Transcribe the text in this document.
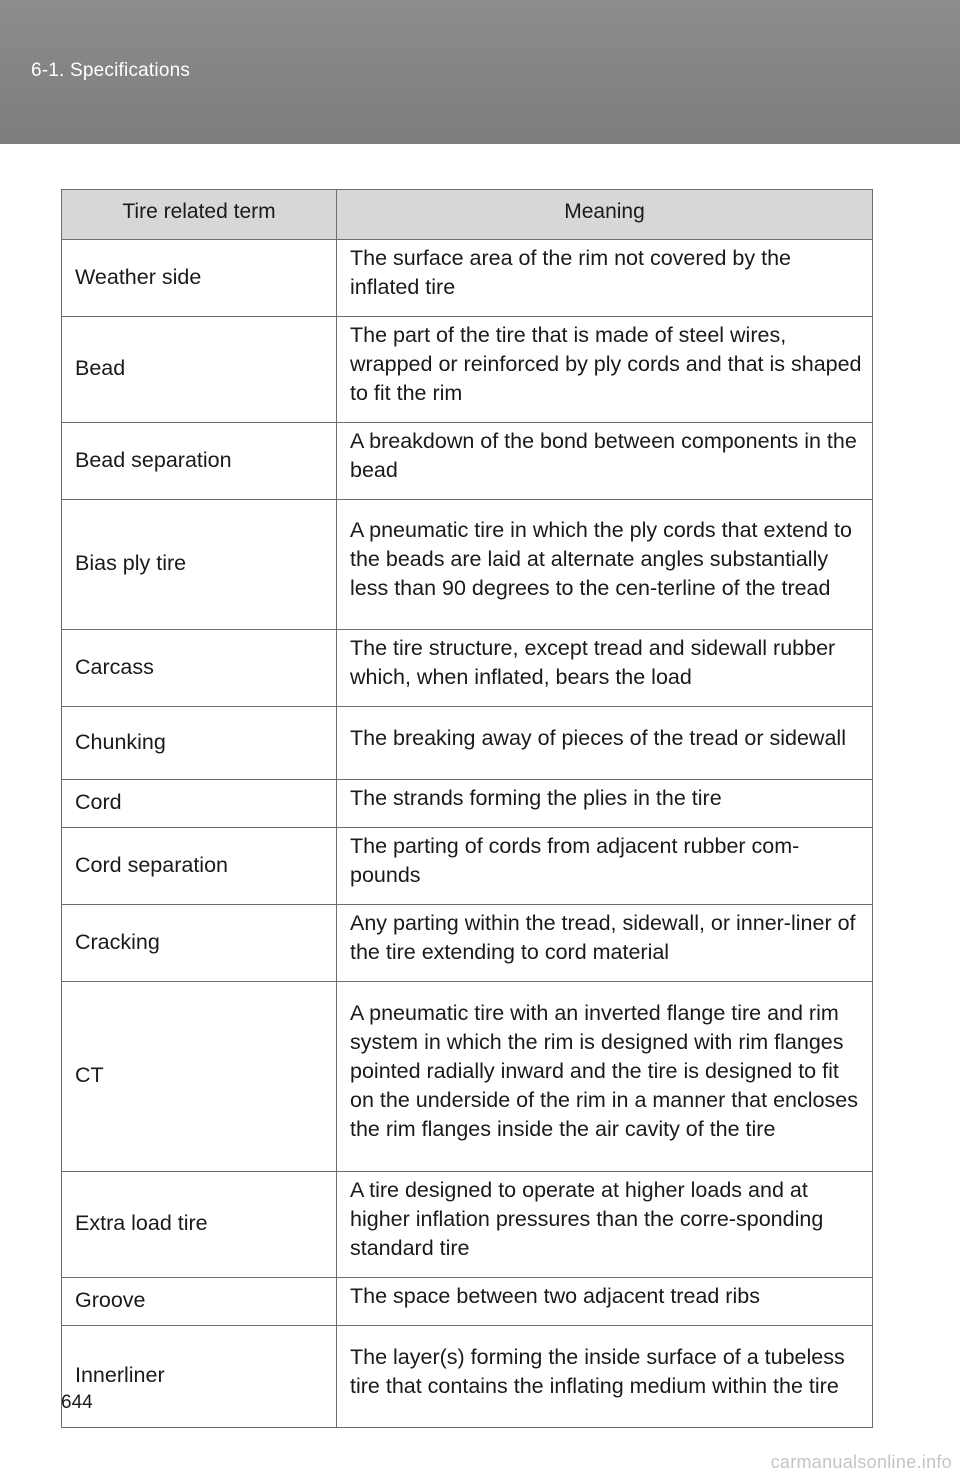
6-1. Specifications
Tire related term	Meaning
Weather side	The surface area of the rim not covered by the inflated tire
Bead	The part of the tire that is made of steel wires, wrapped or reinforced by ply cords and that is shaped to fit the rim
Bead separation	A breakdown of the bond between components in the bead
Bias ply tire	A pneumatic tire in which the ply cords that extend to the beads are laid at alternate angles substantially less than 90 degrees to the cen-terline of the tread
Carcass	The tire structure, except tread and sidewall rubber which, when inflated, bears the load
Chunking	The breaking away of pieces of the tread or sidewall
Cord	The strands forming the plies in the tire
Cord separation	The parting of cords from adjacent rubber com-pounds
Cracking	Any parting within the tread, sidewall, or inner-liner of the tire extending to cord material
CT	A pneumatic tire with an inverted flange tire and rim system in which the rim is designed with rim flanges pointed radially inward and the tire is designed to fit on the underside of the rim in a manner that encloses the rim flanges inside the air cavity of the tire
Extra load tire	A tire designed to operate at higher loads and at higher inflation pressures than the corre-sponding standard tire
Groove	The space between two adjacent tread ribs
Innerliner	The layer(s) forming the inside surface of a tubeless tire that contains the inflating medium within the tire
644
carmanualsonline.info
